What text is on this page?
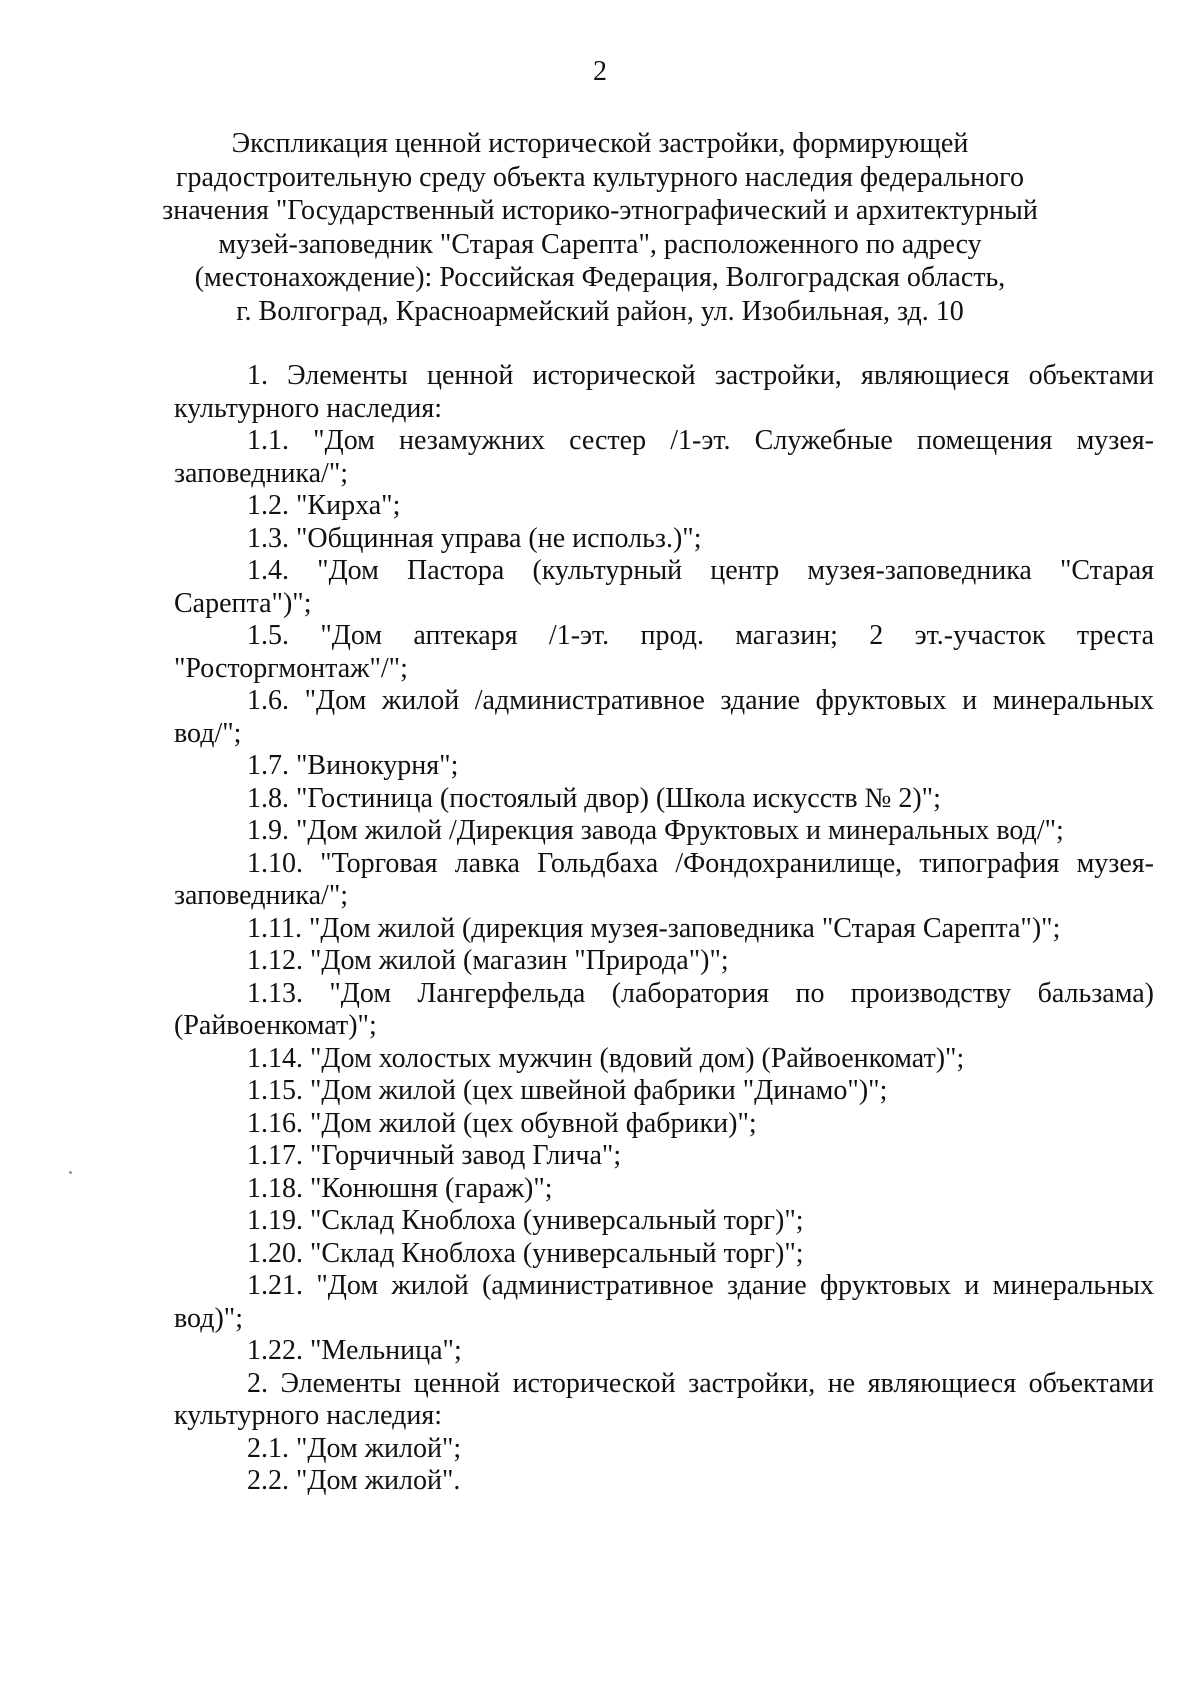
2
Экспликация ценной исторической застройки, формирующей
градостроительную среду объекта культурного наследия федерального
значения "Государственный историко-этнографический и архитектурный
музей-заповедник "Старая Сарепта", расположенного по адресу
(местонахождение): Российская Федерация, Волгоградская область,
г. Волгоград, Красноармейский район, ул. Изобильная, зд. 10

1. Элементы ценной исторической застройки, являющиеся объектами культурного наследия:

1.1. "Дом незамужних сестер /1-эт. Служебные помещения музея-заповедника/";

1.2. "Кирха";

1.3. "Общинная управа (не использ.)";

1.4. "Дом Пастора (культурный центр музея-заповедника "Старая Сарепта")";

1.5. "Дом аптекаря /1-эт. прод. магазин; 2 эт.-участок треста "Росторгмонтаж"/";

1.6. "Дом жилой /административное здание фруктовых и минеральных вод/";

1.7. "Винокурня";

1.8. "Гостиница (постоялый двор) (Школа искусств № 2)";

1.9. "Дом жилой /Дирекция завода Фруктовых и минеральных вод/";

1.10. "Торговая лавка Гольдбаха /Фондохранилище, типография музея-заповедника/";

1.11. "Дом жилой (дирекция музея-заповедника "Старая Сарепта")";

1.12. "Дом жилой (магазин "Природа")";

1.13. "Дом Лангерфельда (лаборатория по производству бальзама) (Райвоенкомат)";

1.14. "Дом холостых мужчин (вдовий дом) (Райвоенкомат)";

1.15. "Дом жилой (цех швейной фабрики "Динамо")";

1.16. "Дом жилой (цех обувной фабрики)";

1.17. "Горчичный завод Глича";

1.18. "Конюшня (гараж)";

1.19. "Склад Кноблоха (универсальный торг)";

1.20. "Склад Кноблоха (универсальный торг)";

1.21. "Дом жилой (административное здание фруктовых и минеральных вод)";

1.22. "Мельница";

2. Элементы ценной исторической застройки, не являющиеся объектами культурного наследия:

2.1. "Дом жилой";

2.2. "Дом жилой".
